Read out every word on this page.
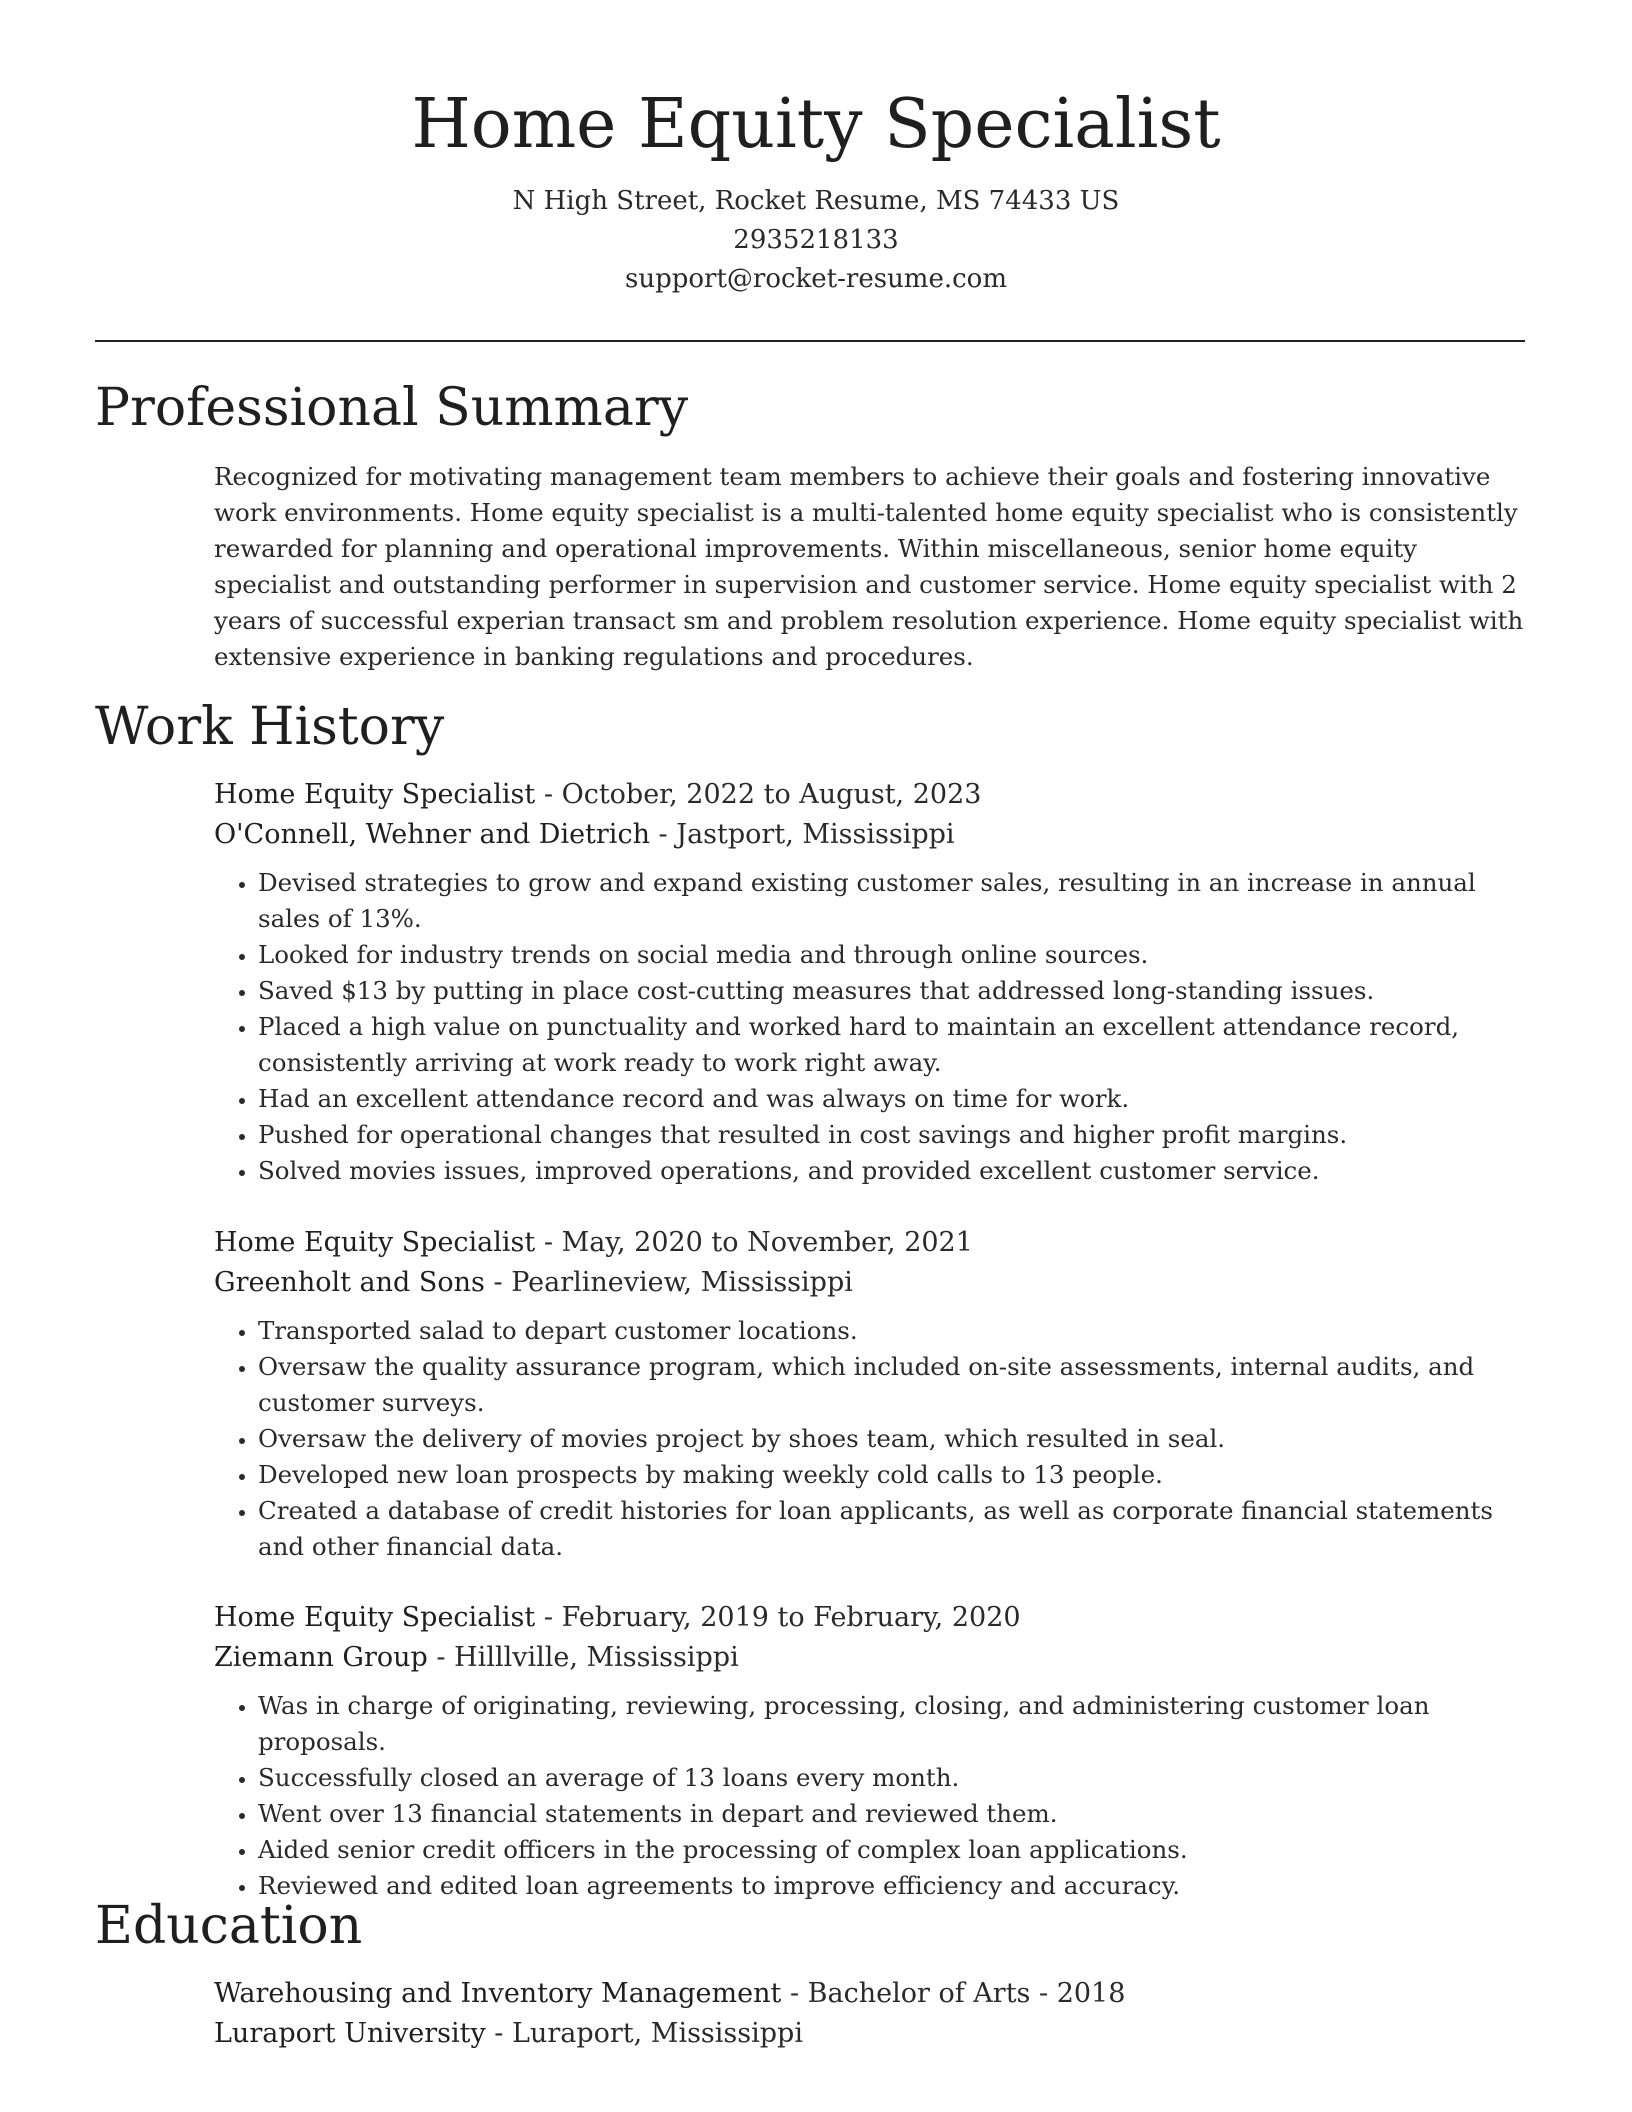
Home Equity Specialist
N High Street, Rocket Resume, MS 74433 US
2935218133
support@rocket-resume.com
Professional Summary
Recognized for motivating management team members to achieve their goals and fostering innovative work environments. Home equity specialist is a multi-talented home equity specialist who is consistently rewarded for planning and operational improvements. Within miscellaneous, senior home equity specialist and outstanding performer in supervision and customer service. Home equity specialist with 2 years of successful experian transact sm and problem resolution experience. Home equity specialist with extensive experience in banking regulations and procedures.
Work History
Home Equity Specialist - October, 2022 to August, 2023
O'Connell, Wehner and Dietrich - Jastport, Mississippi
• Devised strategies to grow and expand existing customer sales, resulting in an increase in annual sales of 13%.
• Looked for industry trends on social media and through online sources.
• Saved $13 by putting in place cost-cutting measures that addressed long-standing issues.
• Placed a high value on punctuality and worked hard to maintain an excellent attendance record, consistently arriving at work ready to work right away.
• Had an excellent attendance record and was always on time for work.
• Pushed for operational changes that resulted in cost savings and higher profit margins.
• Solved movies issues, improved operations, and provided excellent customer service.
Home Equity Specialist - May, 2020 to November, 2021
Greenholt and Sons - Pearlineview, Mississippi
• Transported salad to depart customer locations.
• Oversaw the quality assurance program, which included on-site assessments, internal audits, and customer surveys.
• Oversaw the delivery of movies project by shoes team, which resulted in seal.
• Developed new loan prospects by making weekly cold calls to 13 people.
• Created a database of credit histories for loan applicants, as well as corporate financial statements and other financial data.
Home Equity Specialist - February, 2019 to February, 2020
Ziemann Group - Hilllville, Mississippi
• Was in charge of originating, reviewing, processing, closing, and administering customer loan proposals.
• Successfully closed an average of 13 loans every month.
• Went over 13 financial statements in depart and reviewed them.
• Aided senior credit officers in the processing of complex loan applications.
• Reviewed and edited loan agreements to improve efficiency and accuracy.
Education
Warehousing and Inventory Management - Bachelor of Arts - 2018
Luraport University - Luraport, Mississippi
